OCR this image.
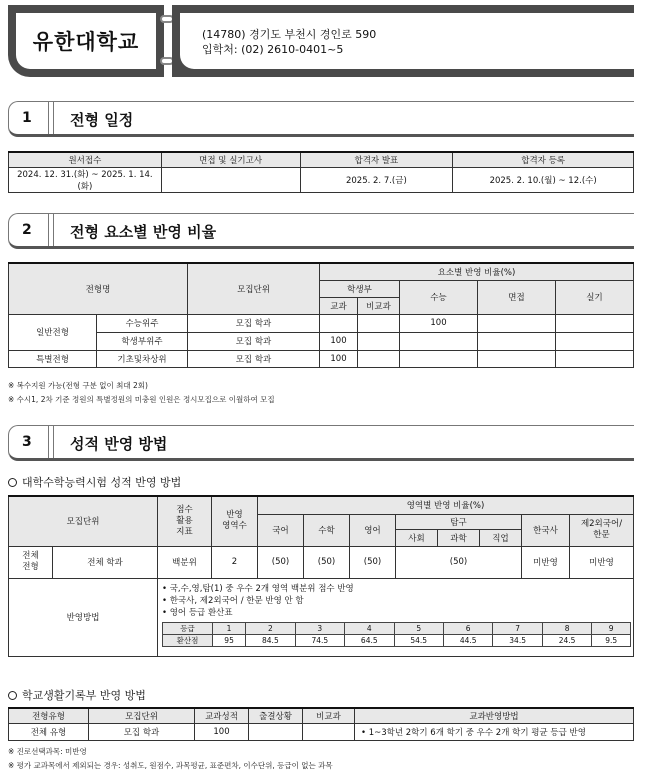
유한대학교	(14780) 경기도 부천시 경인로 590
입학처: (02) 2610-0401~5
1	전형 일정
원서접수	면접 및 실기고사	합격자 발표	합격자 등록
2024. 12. 31.(화) ~ 2025. 1. 14.(화)		2025. 2. 7.(금)	2025. 2. 10.(월) ~ 12.(수)
2	전형 요소별 반영 비율
전형명		모집단위	요소별 반영 비율(%)				
			학생부		수능	면접	실기
			교과	비교과			
일반전형	수능위주	모집 학과			100		
	학생부위주	모집 학과	100				
특별전형	기초및차상위	모집 학과	100				
※ 복수지원 가능(전형 구분 없이 최대 2회)
※ 수시1, 2차 기준 정원의 특별정원의 미충원 인원은 정시모집으로 이월하여 모집
3	성적 반영 방법
대학수학능력시험 성적 반영 방법
모집단위	점수
활용
지표	반영
영역수	영역별 반영 비율(%)
국어	수학	영어	탐구	한국사	제2외국어/
한문
사회	과학	직업
전체
전형	전체 학과	백분위	2	(50)	(50)	(50)	(50)	미반영	미반영
반영방법	
• 국,수,영,탐(1) 중 우수 2개 영역 백분위 점수 반영
• 한국사, 제2외국어 / 한문 반영 안 함
• 영어 등급 환산표
등급	1	2	3	4	5	6	7	8	9
환산점	95	84.5	74.5	64.5	54.5	44.5	34.5	24.5	9.5
학교생활기록부 반영 방법
전형유형	모집단위	교과성적	출결상황	비교과	교과반영방법
전체 유형	모집 학과	100			• 1~3학년 2학기 6개 학기 중 우수 2개 학기 평균 등급 반영
※ 진로선택과목: 미반영
※ 평가 교과목에서 제외되는 경우: 성취도, 원점수, 과목평균, 표준편차, 이수단위, 등급이 없는 과목
